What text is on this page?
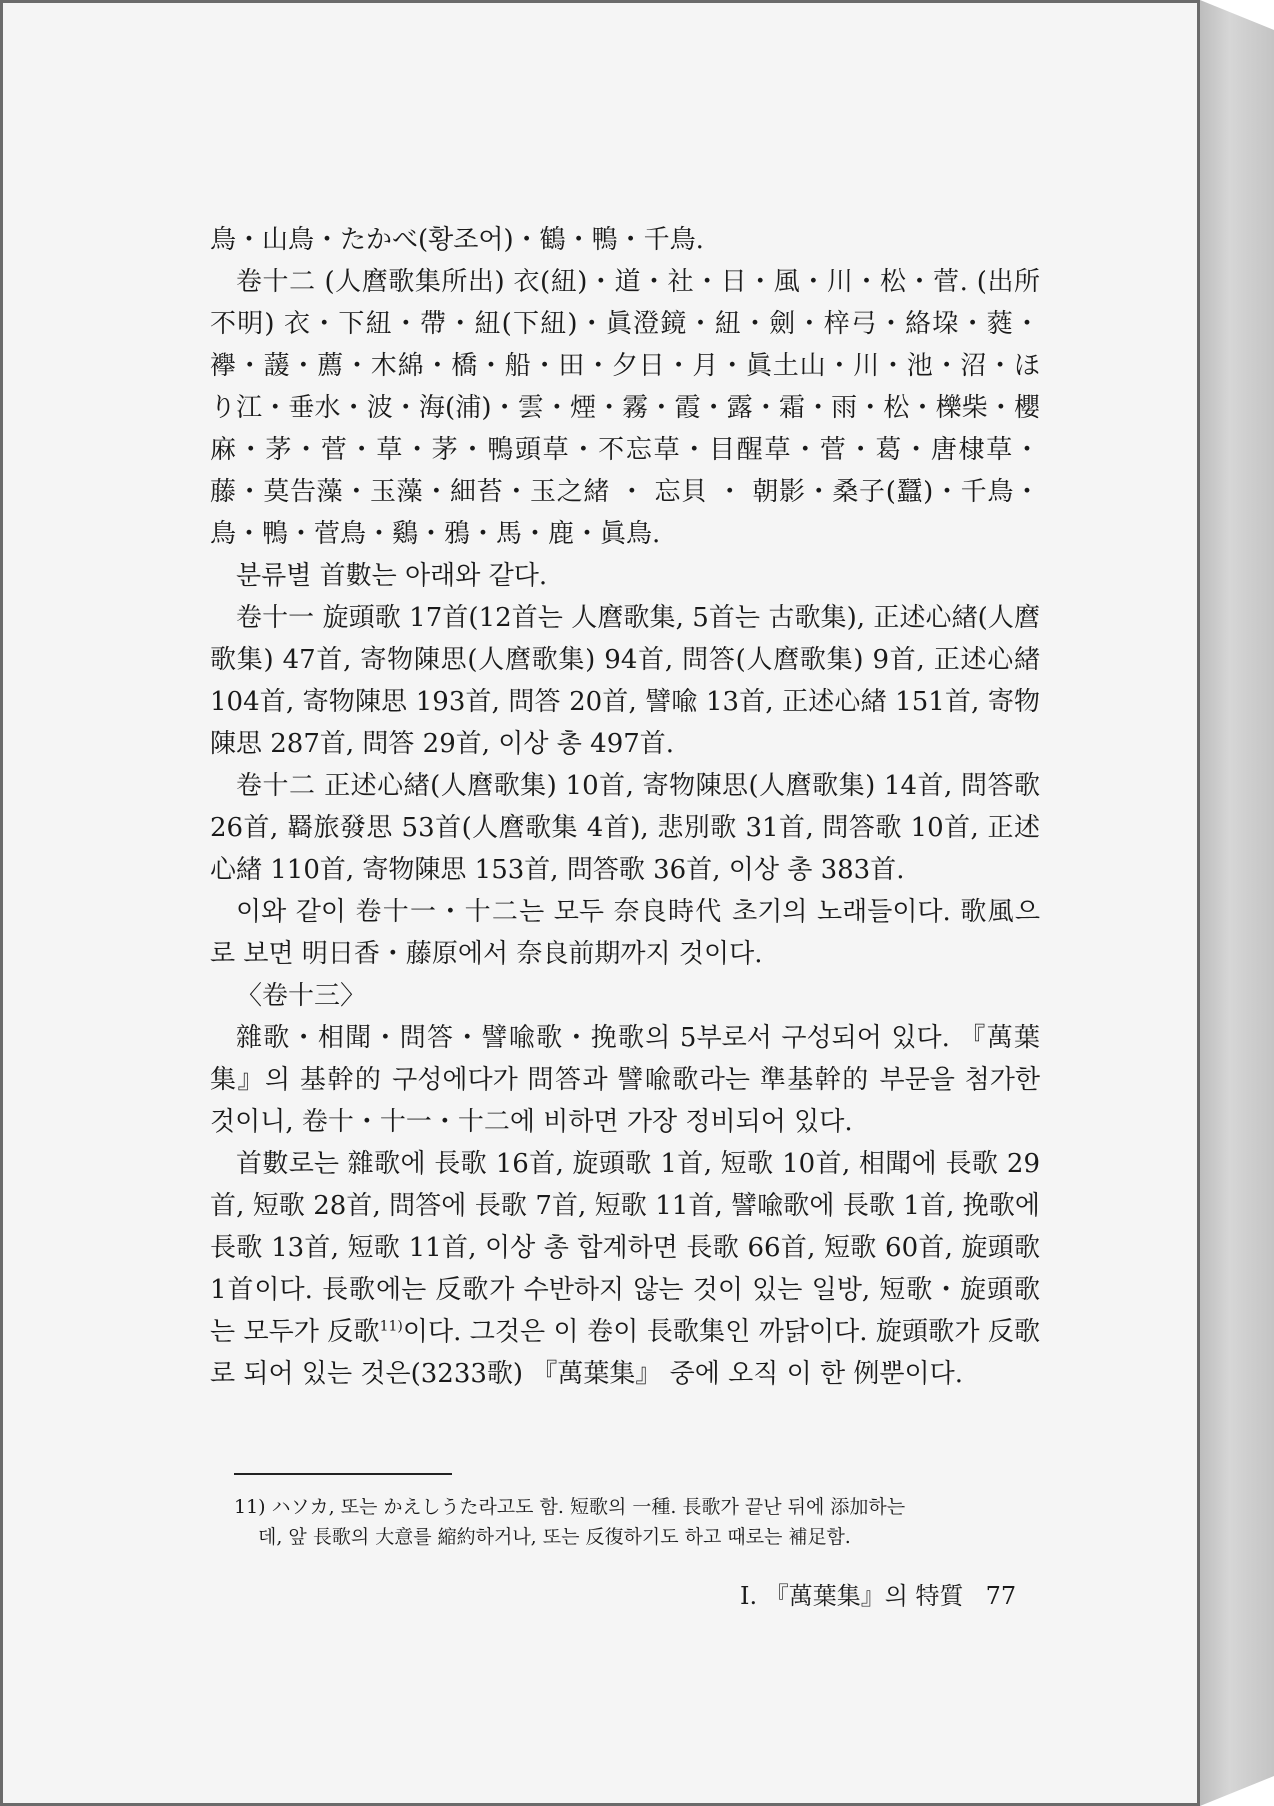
鳥・山鳥・たかべ(황조어)・鶴・鴨・千鳥.

卷十二 (人麿歌集所出) 衣(紐)・道・社・日・風・川・松・菅. (出所不明) 衣・下紐・帶・紐(下紐)・眞澄鏡・紐・劍・梓弓・絡垜・蕤・襷・蘐・薦・木綿・橋・船・田・夕日・月・眞土山・川・池・沼・ほり江・垂水・波・海(浦)・雲・煙・霧・霞・露・霜・雨・松・櫟柴・櫻麻・茅・菅・草・茅・鴨頭草・不忘草・目醒草・菅・葛・唐棣草・藤・莫告藻・玉藻・細苔・玉之緒 ・ 忘貝 ・ 朝影・桑子(蠶)・千鳥・鳥・鴨・菅鳥・鷄・鴉・馬・鹿・眞鳥.

분류별 首數는 아래와 같다.

卷十一 旋頭歌 17首(12首는 人麿歌集, 5首는 古歌集), 正述心緖(人麿歌集) 47首, 寄物陳思(人麿歌集) 94首, 問答(人麿歌集) 9首, 正述心緖 104首, 寄物陳思 193首, 問答 20首, 譬喩 13首, 正述心緖 151首, 寄物陳思 287首, 問答 29首, 이상 총 497首.

卷十二 正述心緖(人麿歌集) 10首, 寄物陳思(人麿歌集) 14首, 問答歌 26首, 羇旅發思 53首(人麿歌集 4首), 悲別歌 31首, 問答歌 10首, 正述心緖 110首, 寄物陳思 153首, 問答歌 36首, 이상 총 383首.

이와 같이 卷十一・十二는 모두 奈良時代 초기의 노래들이다. 歌風으로 보면 明日香・藤原에서 奈良前期까지 것이다.

〈卷十三〉

雜歌・相聞・問答・譬喩歌・挽歌의 5부로서 구성되어 있다. 『萬葉集』의 基幹的 구성에다가 問答과 譬喩歌라는 準基幹的 부문을 첨가한 것이니, 卷十・十一・十二에 비하면 가장 정비되어 있다.

首數로는 雜歌에 長歌 16首, 旋頭歌 1首, 短歌 10首, 相聞에 長歌 29首, 短歌 28首, 問答에 長歌 7首, 短歌 11首, 譬喩歌에 長歌 1首, 挽歌에 長歌 13首, 短歌 11首, 이상 총 합계하면 長歌 66首, 短歌 60首, 旋頭歌 1首이다. 長歌에는 反歌가 수반하지 않는 것이 있는 일방, 短歌・旋頭歌는 모두가 反歌$^{11)}$이다. 그것은 이 卷이 長歌集인 까닭이다. 旋頭歌가 反歌로 되어 있는 것은(3233歌) 『萬葉集』 중에 오직 이 한 例뿐이다.

11) ハソカ, 또는 かえしうた라고도 함. 短歌의 一種. 長歌가 끝난 뒤에 添加하는
데, 앞 長歌의 大意를 縮約하거나, 또는 反復하기도 하고 때로는 補足함.

I. 『萬葉集』의 特質 77
